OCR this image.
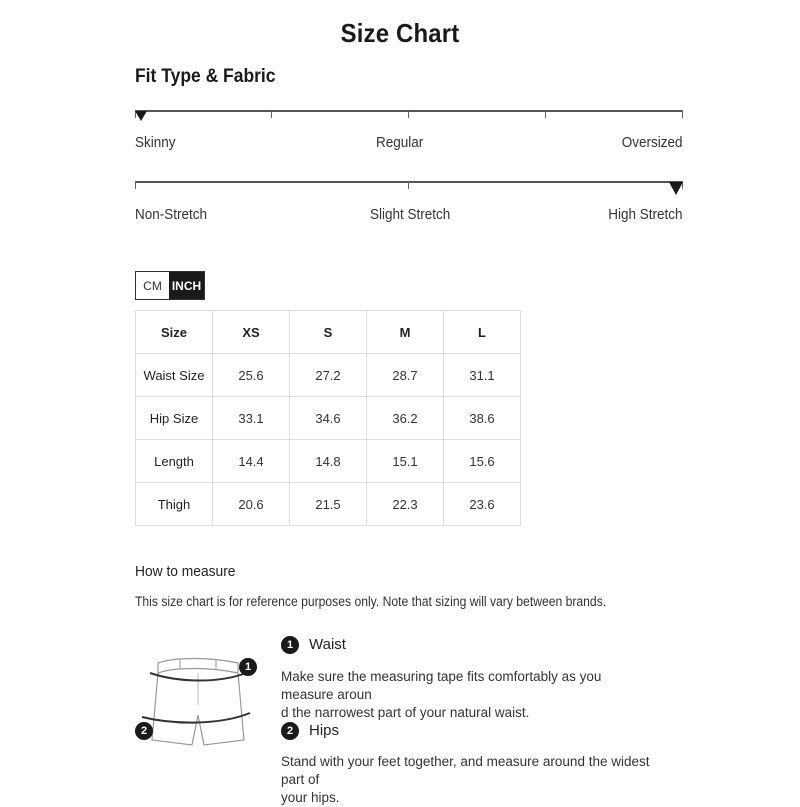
Size Chart
Fit Type & Fabric
Skinny	Regular	Oversized
Non-Stretch	Slight Stretch	High Stretch
CM INCH
Size	XS	S	M	L
Waist Size	25.6	27.2	28.7	31.1
Hip Size	33.1	34.6	36.2	38.6
Length	14.4	14.8	15.1	15.6
Thigh	20.6	21.5	22.3	23.6
How to measure
This size chart is for reference purposes only. Note that sizing will vary between brands.
1
2
1	Waist
Make sure the measuring tape fits comfortably as you measure aroun
d the narrowest part of your natural waist.
2	Hips
Stand with your feet together, and measure around the widest part of
your hips.
